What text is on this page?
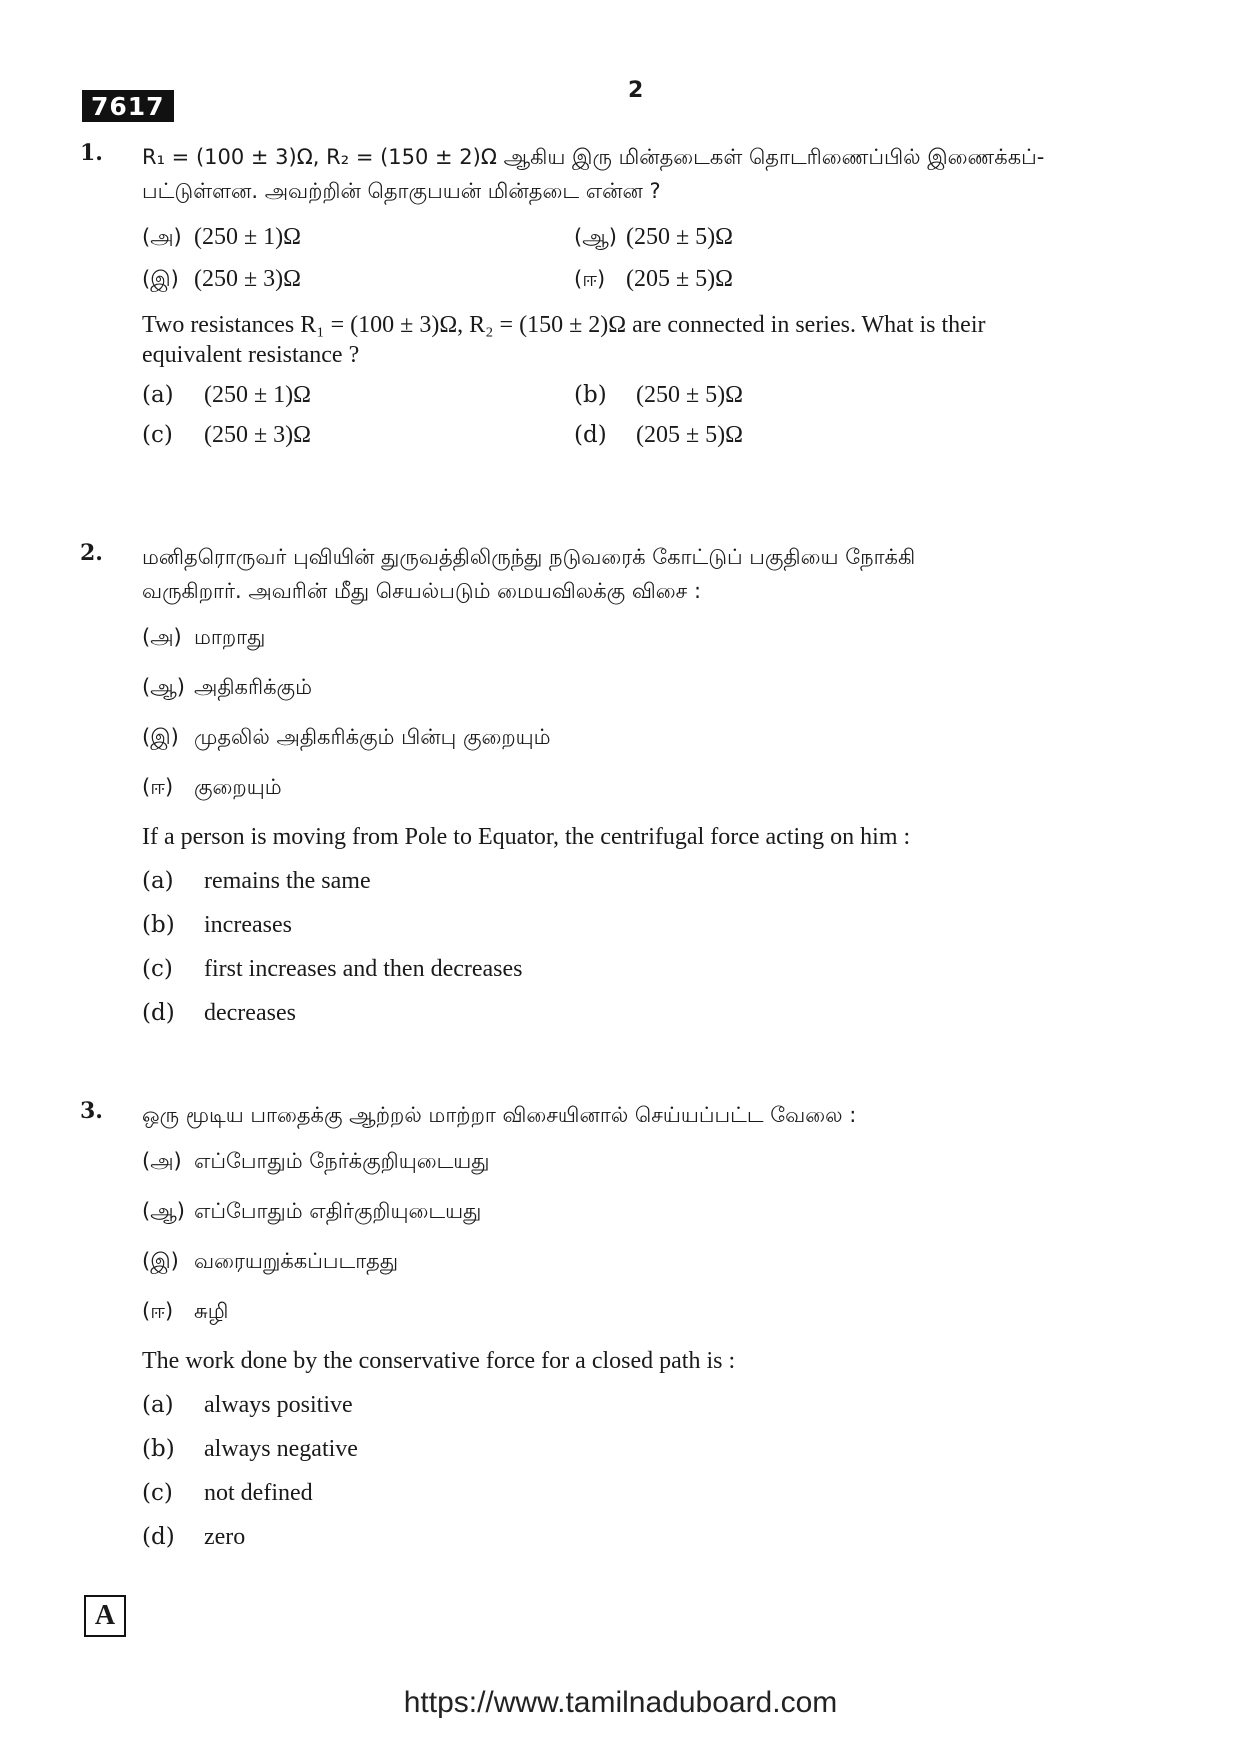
7617
2
1. R₁ = (100 ± 3)Ω, R₂ = (150 ± 2)Ω ஆகிய இரு மின்தடைகள் தொடரிணைப்பில் இணைக்கப்-

பட்டுள்ளன. அவற்றின் தொகுபயன் மின்தடை என்ன ?

(அ) (250 ± 1)Ω	(ஆ) (250 ± 5)Ω
(இ) (250 ± 3)Ω	(ஈ) (205 ± 5)Ω

Two resistances R₁ = (100 ± 3)Ω, R₂ = (150 ± 2)Ω are connected in series. What is their

equivalent resistance ?

(a)	(250 ± 1)Ω	(b)	(250 ± 5)Ω
(c)	(250 ± 3)Ω	(d)	(205 ± 5)Ω
2. மனிதரொருவர் புவியின் துருவத்திலிருந்து நடுவரைக் கோட்டுப் பகுதியை நோக்கி

வருகிறார். அவரின் மீது செயல்படும் மையவிலக்கு விசை :

(அ) மாறாது
(ஆ) அதிகரிக்கும்
(இ) முதலில் அதிகரிக்கும் பின்பு குறையும்
(ஈ) குறையும்

If a person is moving from Pole to Equator, the centrifugal force acting on him :

(a)	remains the same
(b)	increases
(c)	first increases and then decreases
(d)	decreases
3. ஒரு மூடிய பாதைக்கு ஆற்றல் மாற்றா விசையினால் செய்யப்பட்ட வேலை :

(அ) எப்போதும் நேர்க்குறியுடையது
(ஆ) எப்போதும் எதிர்குறியுடையது
(இ) வரையறுக்கப்படாதது
(ஈ) சுழி

The work done by the conservative force for a closed path is :

(a)	always positive
(b)	always negative
(c)	not defined
(d)	zero
A
https://www.tamilnaduboard.com
